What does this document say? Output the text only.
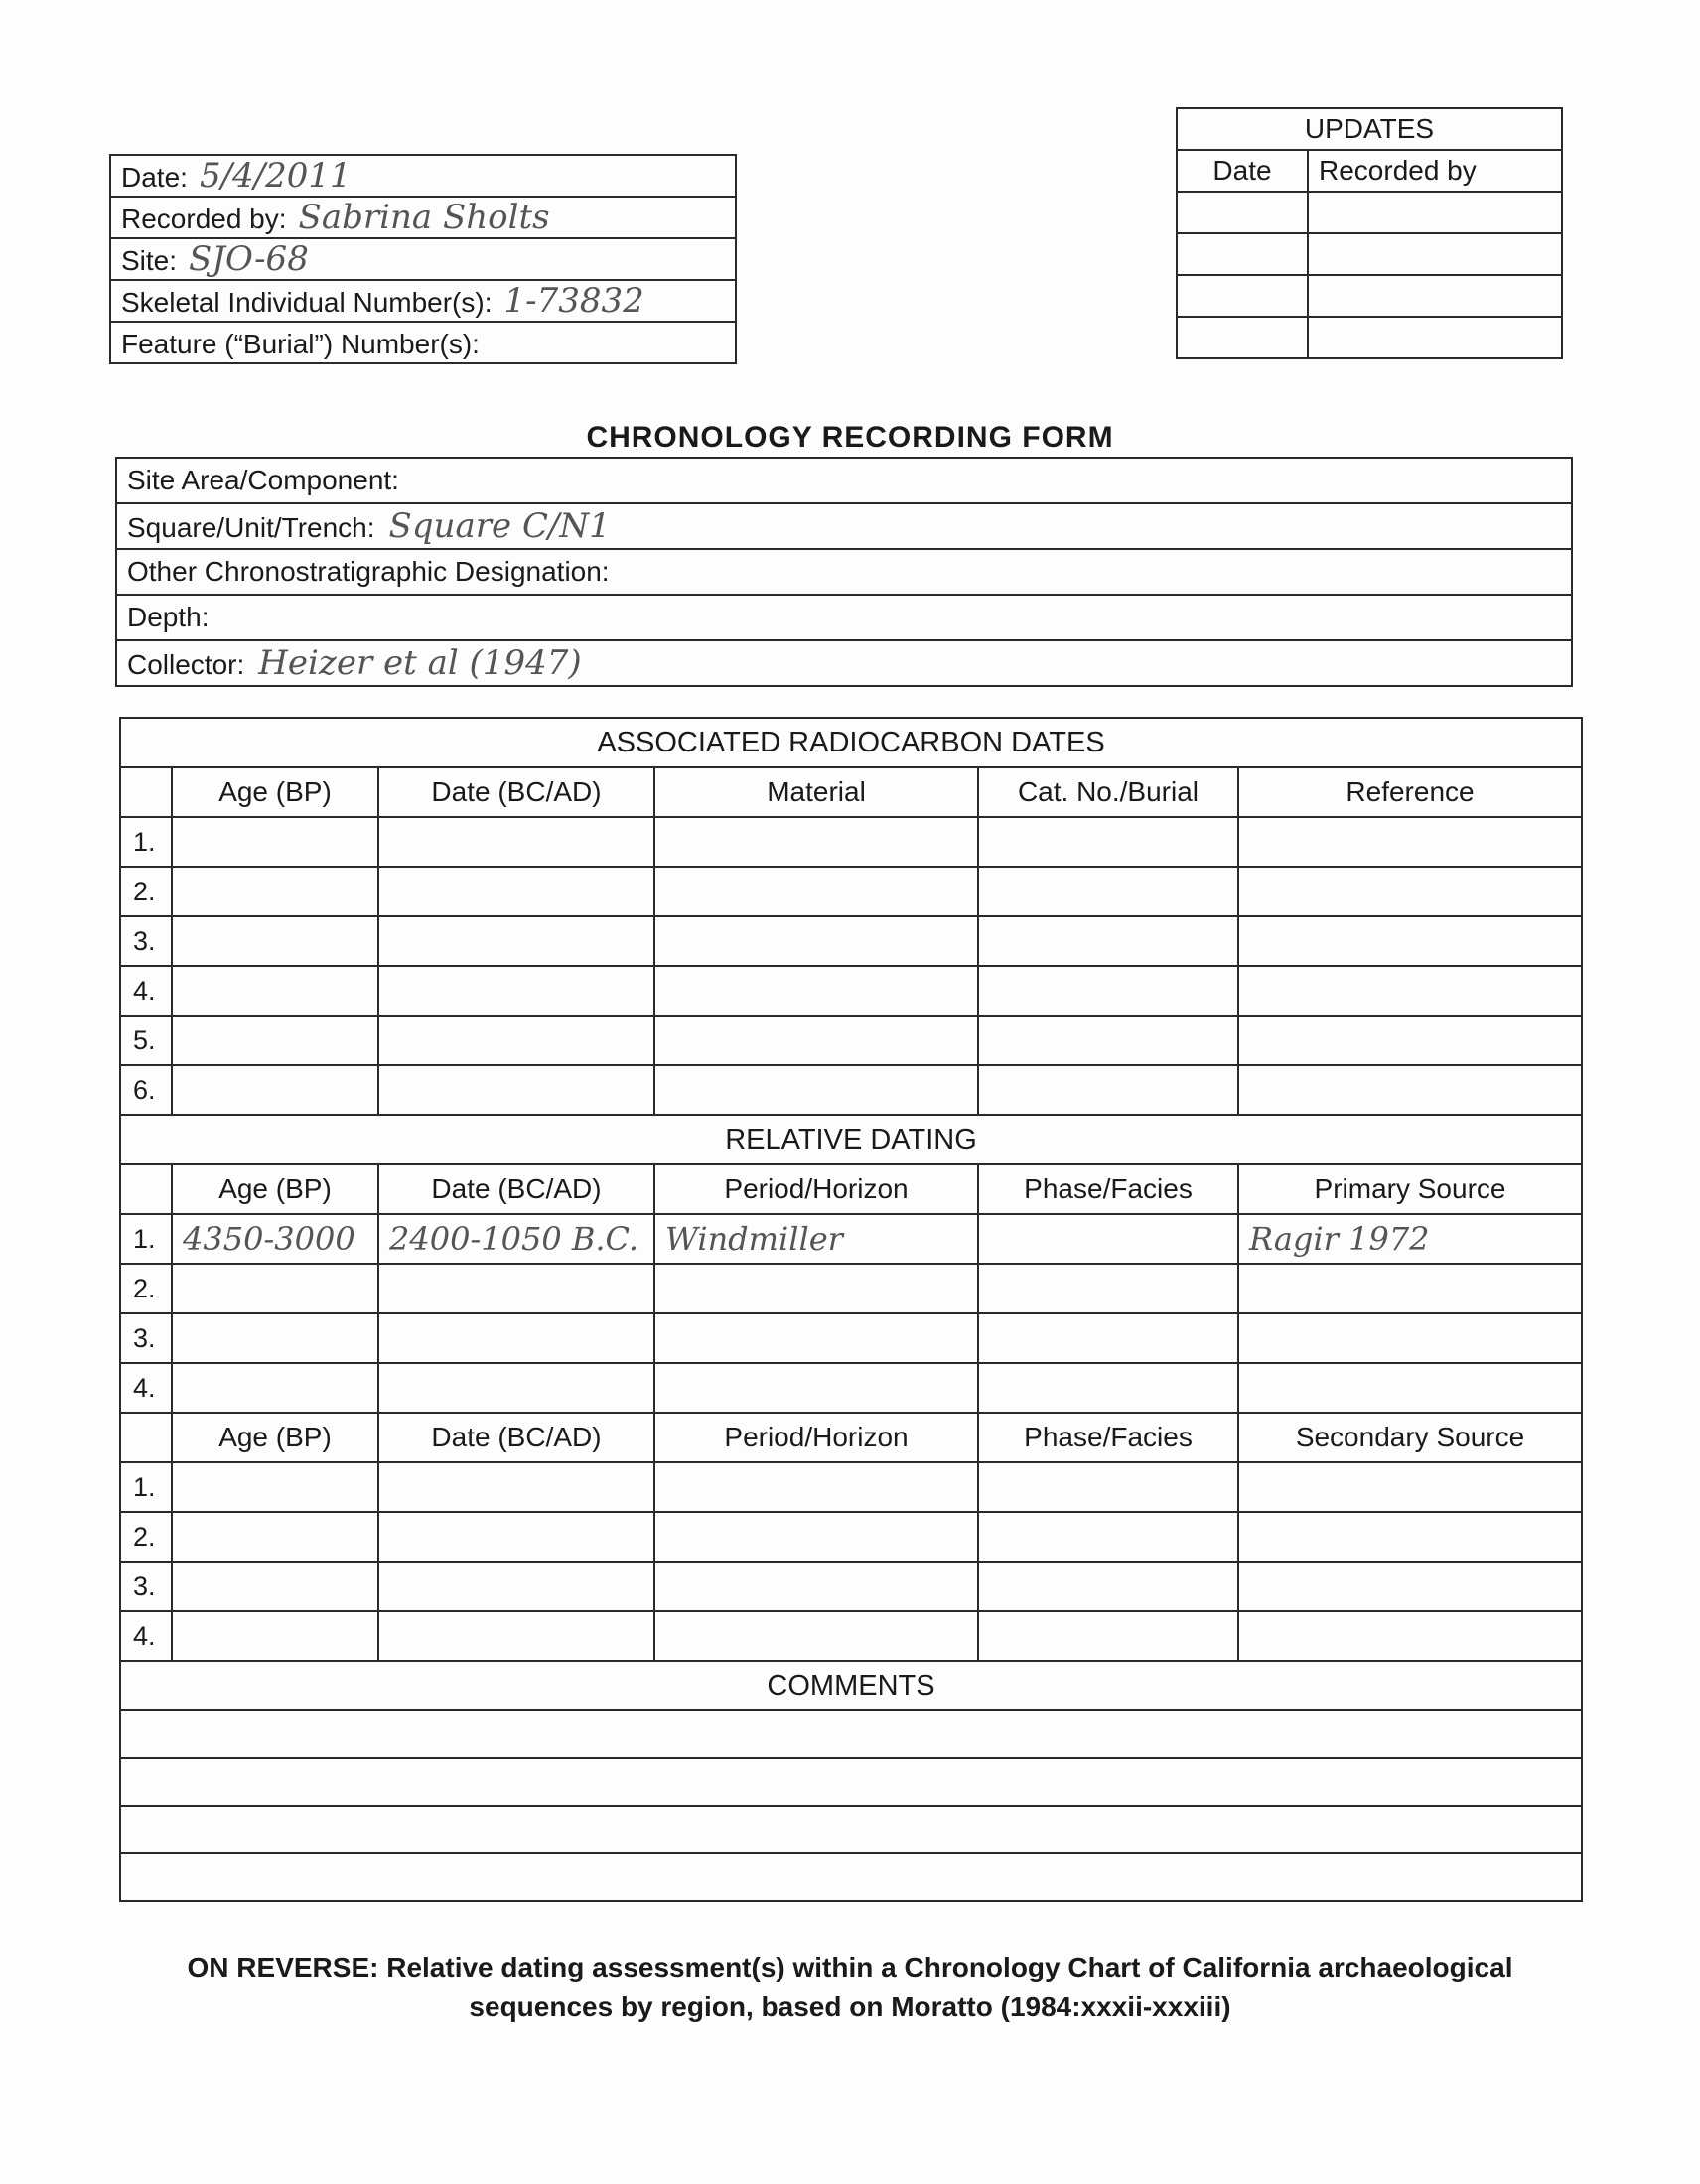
Date: 5/4/2011
Recorded by: Sabrina Sholts
Site: SJO-68
Skeletal Individual Number(s): 1-73832
Feature (“Burial”) Number(s):
UPDATES	
Date	Recorded by

CHRONOLOGY RECORDING FORM
Site Area/Component:
Square/Unit/Trench: Square C/N1
Other Chronostratigraphic Designation:
Depth:
Collector: Heizer et al (1947)
ASSOCIATED RADIOCARBON DATES					
	Age (BP)	Date (BC/AD)	Material	Cat. No./Burial	Reference
1.					
2.					
3.					
4.					
5.					
6.					
RELATIVE DATING					
	Age (BP)	Date (BC/AD)	Period/Horizon	Phase/Facies	Primary Source
1.	4350-3000	2400-1050 B.C.	Windmiller		Ragir 1972
2.					
3.					
4.					
	Age (BP)	Date (BC/AD)	Period/Horizon	Phase/Facies	Secondary Source
1.					
2.					
3.					
4.					
COMMENTS					

ON REVERSE: Relative dating assessment(s) within a Chronology Chart of California archaeological
sequences by region, based on Moratto (1984:xxxii-xxxiii)
